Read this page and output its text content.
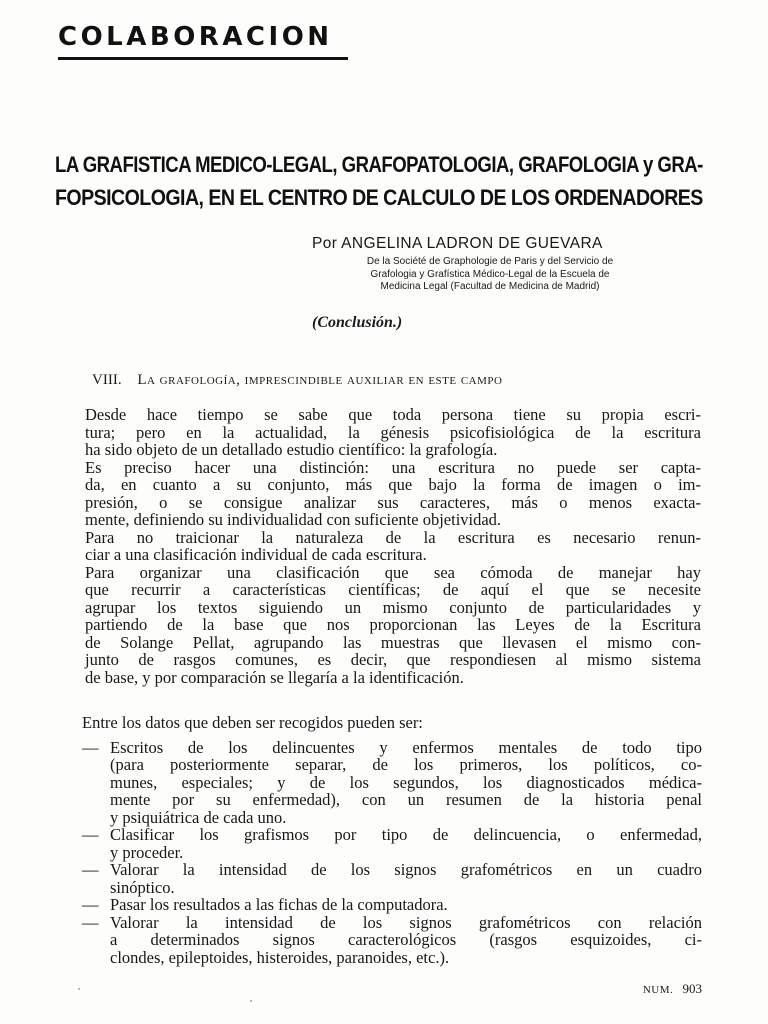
COLABORACION
LA GRAFISTICA MEDICO-LEGAL, GRAFOPATOLOGIA, GRAFOLOGIA y GRA-
FOPSICOLOGIA, EN EL CENTRO DE CALCULO DE LOS ORDENADORES
Por ANGELINA LADRON DE GUEVARA
De la Société de Graphologie de Paris y del Servicio de
Grafologia y Grafística Médico-Legal de la Escuela de
Medicina Legal (Facultad de Medicina de Madrid)
(Conclusión.)
VIII. La grafología, imprescindible auxiliar en este campo

Desde hace tiempo se sabe que toda persona tiene su propia escri-
tura; pero en la actualidad, la génesis psicofisiológica de la escritura
ha sido objeto de un detallado estudio científico: la grafología.

Es preciso hacer una distinción: una escritura no puede ser capta-
da, en cuanto a su conjunto, más que bajo la forma de imagen o im-
presión, o se consigue analizar sus caracteres, más o menos exacta-
mente, definiendo su individualidad con suficiente objetividad.

Para no traicionar la naturaleza de la escritura es necesario renun-
ciar a una clasificación individual de cada escritura.

Para organizar una clasificación que sea cómoda de manejar hay
que recurrir a características científicas; de aquí el que se necesite
agrupar los textos siguiendo un mismo conjunto de particularidades y
partiendo de la base que nos proporcionan las Leyes de la Escritura
de Solange Pellat, agrupando las muestras que llevasen el mismo con-
junto de rasgos comunes, es decir, que respondiesen al mismo sistema
de base, y por comparación se llegaría a la identificación.

Entre los datos que deben ser recogidos pueden ser:
— Escritos de los delincuentes y enfermos mentales de todo tipo
(para posteriormente separar, de los primeros, los políticos, co-
munes, especiales; y de los segundos, los diagnosticados médica-
mente por su enfermedad), con un resumen de la historia penal
y psiquiátrica de cada uno.
— Clasificar los grafismos por tipo de delincuencia, o enfermedad,
y proceder.
— Valorar la intensidad de los signos grafométricos en un cuadro
sinóptico.
— Pasar los resultados a las fichas de la computadora.
— Valorar la intensidad de los signos grafométricos con relación
a determinados signos caracterológicos (rasgos esquizoides, ci-
clondes, epileptoides, histeroides, paranoides, etc.).
NUM. 903
